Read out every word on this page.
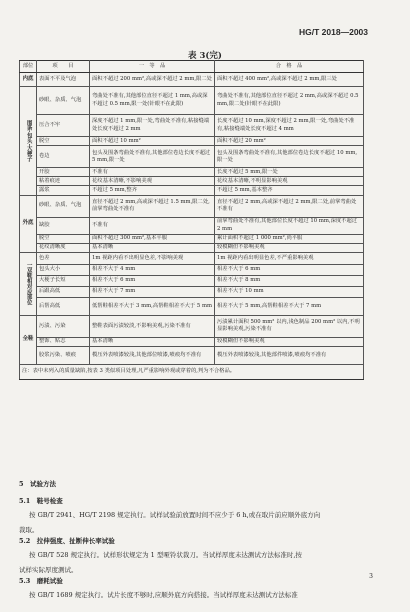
HG/T 2018—2003
表 3(完)
部位	项　　目	一　等　品	合　格　品
内底	表面不平及气泡	面积不超过 200 mm²,高或深不超过 2 mm,限二处	面积不超过 400 mm²,高或深不超过 2 mm,限三处
围条·包头·大梗子	砂眼、杂质、气泡	弯曲处不准有,其他部位直径不超过 1 mm,高或深不超过 0.5 mm,限一处(针眼不在此限)	弯曲处不准有,其他部位直径不超过 2 mm,高或深不超过 0.5 mm,限二处(针眼不在此限)
	压合不牢	深度不超过 1 mm,限一处,弯曲处不准有,粘接缝端处长度不超过 2 mm	长度不超过 10 mm,深度不超过 2 mm,限一处,弯曲处不准有,粘接缝端处长度不超过 4 mm
	脱空	面积不超过 10 mm²	面积不超过 20 mm²
	卷边	包头及围条弯曲处不准有,其他部位卷边长度不超过 5 mm,限一处	包头及围条弯曲处不准有,其他部位卷边长度不超过 10 mm,限一处
	开胶	不准有	长度不超过 5 mm,限一处
	粘着痕迹	花纹基本清晰,不影响美观	花纹基本清晰,不明显影响美观
	露浆	不超过 5 mm,整齐	不超过 5 mm,基本整齐
外底	砂眼、杂质、气泡	直径不超过 2 mm,高或深不超过 1.5 mm,限二处,前掌弯曲处不准有	直径不超过 2 mm,高或深不超过 2 mm,限二处,前掌弯曲处不准有
	缺胶	不准有	前掌弯曲处不准有,其他部位长度不超过 10 mm,深度不超过 2 mm
	脱空	面积不超过 300 mm²,基本平服	累计面积不超过 1 000 mm²,尚平服
	花纹清晰度	基本清晰	较模糊但不影响美观
一双鞋相对应部位	色差	1m 视距内看不出明显色差,不影响美观	1m 视距内看出明显色差,不严重影响美观
	包头大小	相差不大于 4 mm	相差不大于 6 mm
	大梗子长短	相差不大于 6 mm	相差不大于 8 mm
	后跟高低	相差不大于 7 mm	相差不大于 10 mm
	后帮高低	低帮鞋相差不大于 3 mm,高帮鞋相差不大于 5 mm	相差不大于 5 mm,高帮鞋相差不大于 7 mm
全鞋	污渍、污染	整鞋表面污渍较淡,不影响美观,污染不准有	污渍累计面积 500 mm² 以内,浅色制品 200 mm² 以内,不明显影响美观,污染不准有
	整饰、贴志	基本清晰	较模糊但不影响美观
	胶浆污染、喷痕	模压外表喷漆较浅,其他部位喷漆,喷痕均不准有	模压外表喷漆较浅,其他部件喷漆,喷痕均不准有
注：表中未列入的质量缺陷,按表 3 类似项目处理,凡严重影响外观或穿着的,判为不合格品。			
5　试验方法
5.1　鞋号检查
按 GB/T 2941、HG/T 2198 规定执行。试样试验前放置时间不应少于 6 h,或在取片前应顺外底方向
裁取。
5.2　拉伸强度、扯断伸长率试验
按 GB/T 528 规定执行。试样形状规定为 1 型哑铃状裁刀。当试样厚度未达测试方法标准时,按
试样实际厚度测试。
5.3　磨耗试验
按 GB/T 1689 规定执行。试片长度不够时,应顺外底方向搭接。当试样厚度未达测试方法标准
3
